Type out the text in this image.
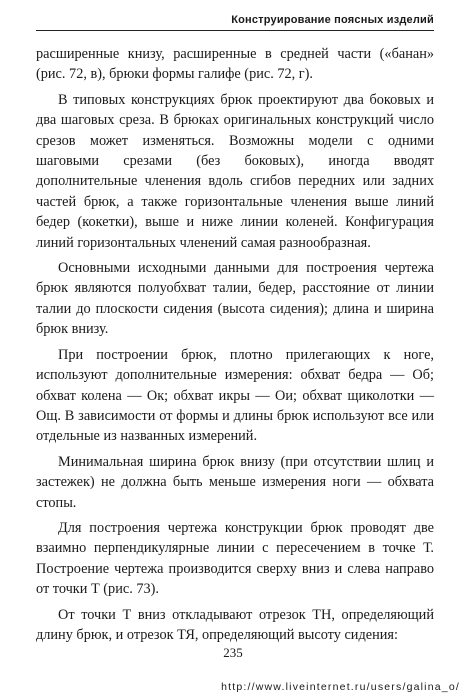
Конструирование поясных изделий

расширенные книзу, расширенные в средней части («банан» (рис. 72, в), брюки формы галифе (рис. 72, г).

В типовых конструкциях брюк проектируют два боковых и два шаговых среза. В брюках оригинальных конструкций число срезов может изменяться. Возможны модели с одними шаговыми срезами (без боковых), иногда вводят дополнительные членения вдоль сгибов передних или задних частей брюк, а также горизонтальные членения выше линий бедер (кокетки), выше и ниже линии коленей. Конфигурация линий горизонтальных членений самая разнообразная.

Основными исходными данными для построения чертежа брюк являются полуобхват талии, бедер, расстояние от линии талии до плоскости сидения (высота сидения); длина и ширина брюк внизу.

При построении брюк, плотно прилегающих к ноге, используют дополнительные измерения: обхват бедра — Об; обхват колена — Ок; обхват икры — Ои; обхват щиколотки — Ощ. В зависимости от формы и длины брюк используют все или отдельные из названных измерений.

Минимальная ширина брюк внизу (при отсутствии шлиц и застежек) не должна быть меньше измерения ноги — обхвата стопы.

Для построения чертежа конструкции брюк проводят две взаимно перпендикулярные линии с пересечением в точке Т. Построение чертежа производится сверху вниз и слева направо от точки Т (рис. 73).

От точки Т вниз откладывают отрезок ТН, определяющий длину брюк, и отрезок ТЯ, определяющий высоту сидения:

235
http://www.liveinternet.ru/users/galina_o/
